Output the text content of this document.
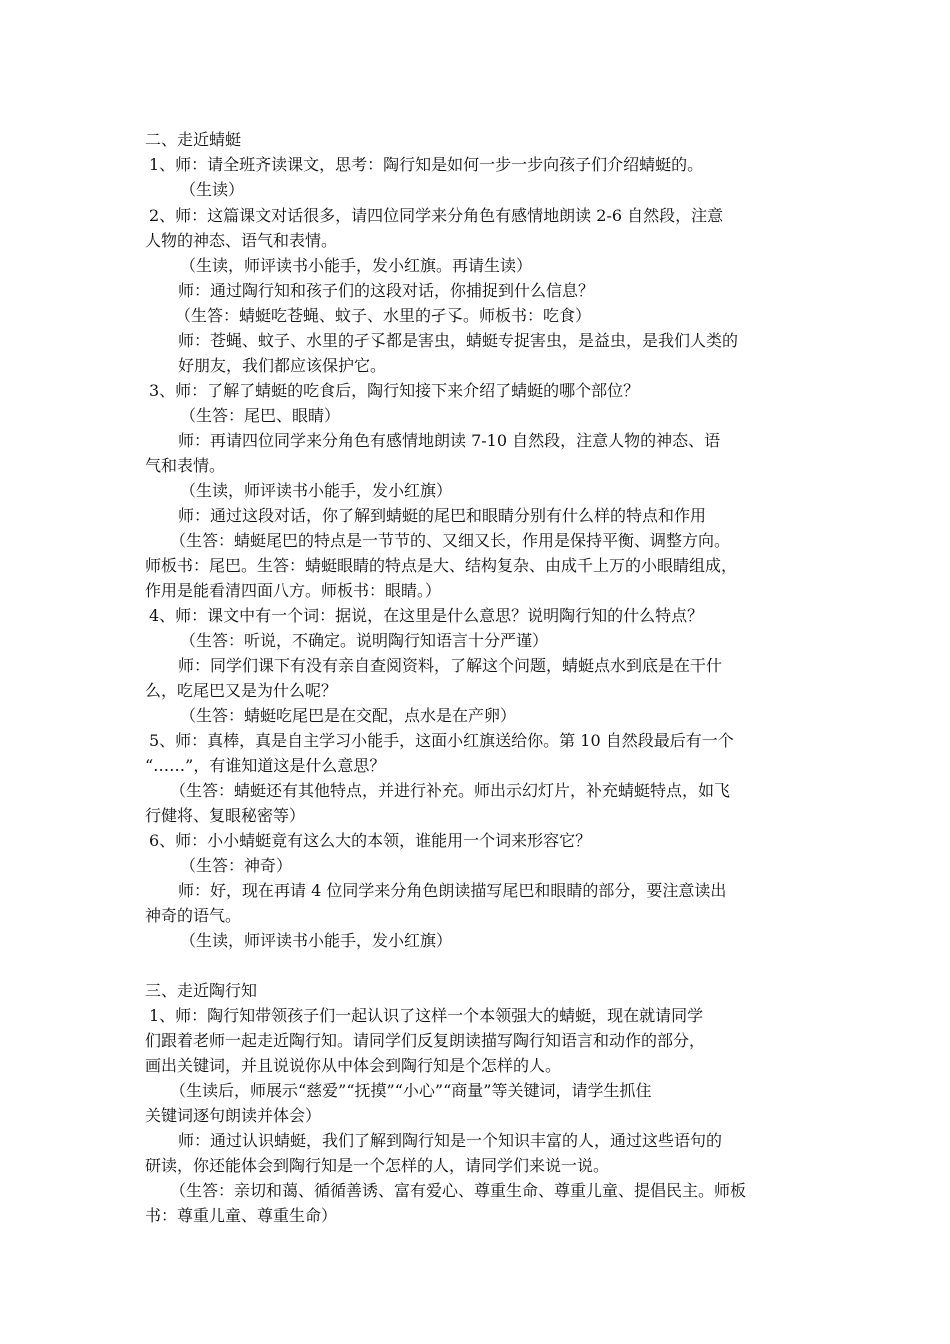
二、走近蜻蜓
1、师：请全班齐读课文，思考：陶行知是如何一步一步向孩子们介绍蜻蜓的。
（生读）
2、师：这篇课文对话很多，请四位同学来分角色有感情地朗读 2-6 自然段，注意
人物的神态、语气和表情。
（生读，师评读书小能手，发小红旗。再请生读）
师：通过陶行知和孩子们的这段对话，你捕捉到什么信息？
（生答：蜻蜓吃苍蝇、蚊子、水里的孑孓。师板书：吃食）
师：苍蝇、蚊子、水里的孑孓都是害虫，蜻蜓专捉害虫，是益虫，是我们人类的
好朋友，我们都应该保护它。
3、师：了解了蜻蜓的吃食后，陶行知接下来介绍了蜻蜓的哪个部位？
（生答：尾巴、眼睛）
师：再请四位同学来分角色有感情地朗读 7-10 自然段，注意人物的神态、语
气和表情。
（生读，师评读书小能手，发小红旗）
师：通过这段对话，你了解到蜻蜓的尾巴和眼睛分别有什么样的特点和作用
（生答：蜻蜓尾巴的特点是一节节的、又细又长，作用是保持平衡、调整方向。
师板书：尾巴。生答：蜻蜓眼睛的特点是大、结构复杂、由成千上万的小眼睛组成，
作用是能看清四面八方。师板书：眼睛。）
4、师：课文中有一个词：据说，在这里是什么意思？说明陶行知的什么特点？
（生答：听说，不确定。说明陶行知语言十分严谨）
师：同学们课下有没有亲自查阅资料，了解这个问题，蜻蜓点水到底是在干什
么，吃尾巴又是为什么呢？
（生答：蜻蜓吃尾巴是在交配，点水是在产卵）
5、师：真棒，真是自主学习小能手，这面小红旗送给你。第 10 自然段最后有一个
“……”，有谁知道这是什么意思？
（生答：蜻蜓还有其他特点，并进行补充。师出示幻灯片，补充蜻蜓特点，如飞
行健将、复眼秘密等）
6、师：小小蜻蜓竟有这么大的本领，谁能用一个词来形容它？
（生答：神奇）
师：好，现在再请 4 位同学来分角色朗读描写尾巴和眼睛的部分，要注意读出
神奇的语气。
（生读，师评读书小能手，发小红旗）
三、走近陶行知
1、师：陶行知带领孩子们一起认识了这样一个本领强大的蜻蜓，现在就请同学
们跟着老师一起走近陶行知。请同学们反复朗读描写陶行知语言和动作的部分，
画出关键词，并且说说你从中体会到陶行知是个怎样的人。
（生读后，师展示“慈爱”“抚摸”“小心”“商量”等关键词，请学生抓住
关键词逐句朗读并体会）
师：通过认识蜻蜓，我们了解到陶行知是一个知识丰富的人，通过这些语句的
研读，你还能体会到陶行知是一个怎样的人，请同学们来说一说。
（生答：亲切和蔼、循循善诱、富有爱心、尊重生命、尊重儿童、提倡民主。师板
书：尊重儿童、尊重生命）
